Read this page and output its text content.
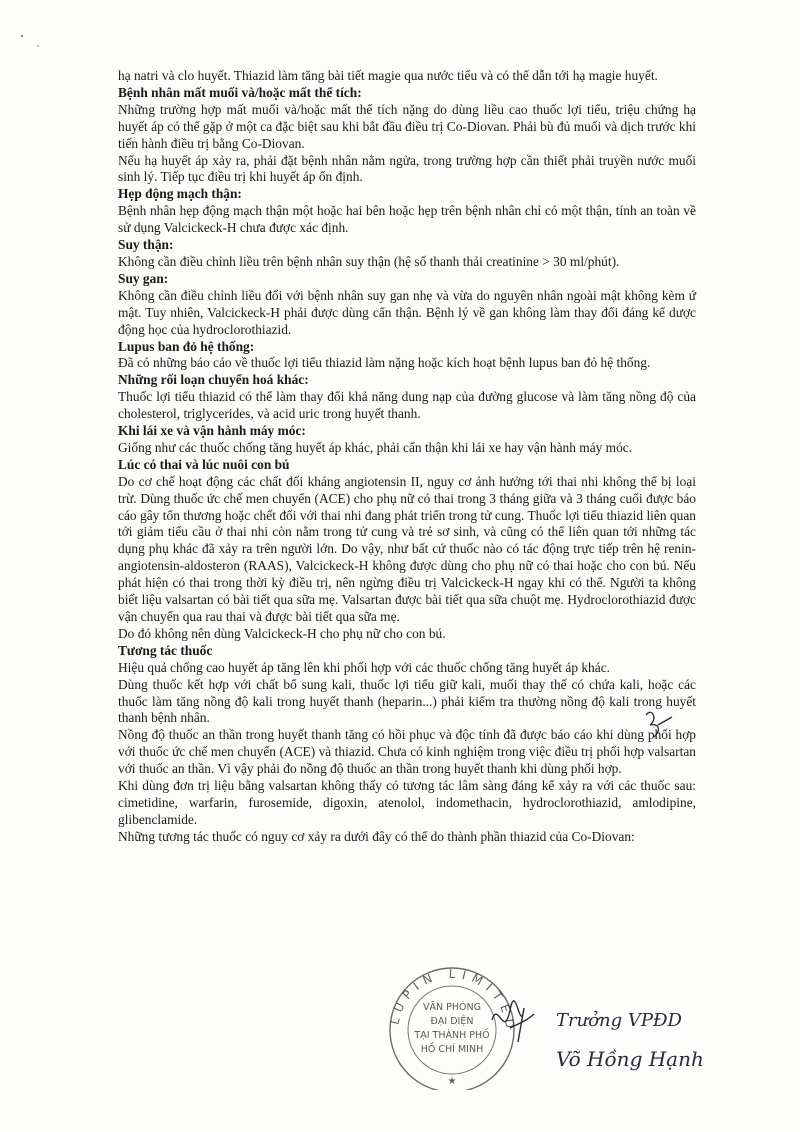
hạ natri và clo huyết. Thiazid làm tăng bài tiết magie qua nước tiểu và có thể dẫn tới hạ magie huyết.

Bệnh nhân mất muối và/hoặc mất thể tích:

Những trường hợp mất muối và/hoặc mất thể tích nặng do dùng liều cao thuốc lợi tiểu, triệu chứng hạ huyết áp có thể gặp ở một ca đặc biệt sau khi bắt đầu điều trị Co-Diovan. Phải bù đủ muối và dịch trước khi tiến hành điều trị bằng Co-Diovan.

Nếu hạ huyết áp xảy ra, phải đặt bệnh nhân nằm ngửa, trong trường hợp cần thiết phải truyền nước muối sinh lý. Tiếp tục điều trị khi huyết áp ổn định.

Hẹp động mạch thận:

Bệnh nhân hẹp động mạch thận một hoặc hai bên hoặc hẹp trên bệnh nhân chỉ có một thận, tính an toàn về sử dụng Valcickeck-H chưa được xác định.

Suy thận:

Không cần điều chỉnh liều trên bệnh nhân suy thận (hệ số thanh thải creatinine > 30 ml/phút).

Suy gan:

Không cần điều chỉnh liều đối với bệnh nhân suy gan nhẹ và vừa do nguyên nhân ngoài mật không kèm ứ mật. Tuy nhiên, Valcickeck-H phải được dùng cẩn thận. Bệnh lý về gan không làm thay đổi đáng kể dược động học của hydroclorothiazid.

Lupus ban đỏ hệ thống:

Đã có những báo cáo về thuốc lợi tiểu thiazid làm nặng hoặc kích hoạt bệnh lupus ban đỏ hệ thống.

Những rối loạn chuyển hoá khác:

Thuốc lợi tiểu thiazid có thể làm thay đổi khả năng dung nạp của đường glucose và làm tăng nồng độ của cholesterol, triglycerides, và acid uric trong huyết thanh.

Khi lái xe và vận hành máy móc:

Giống như các thuốc chống tăng huyết áp khác, phải cẩn thận khi lái xe hay vận hành máy móc.

Lúc có thai và lúc nuôi con bú

Do cơ chế hoạt động các chất đối kháng angiotensin II, nguy cơ ảnh hưởng tới thai nhi không thể bị loại trừ. Dùng thuốc ức chế men chuyển (ACE) cho phụ nữ có thai trong 3 tháng giữa và 3 tháng cuối được báo cáo gây tổn thương hoặc chết đối với thai nhi đang phát triển trong tử cung. Thuốc lợi tiểu thiazid liên quan tới giảm tiểu cầu ở thai nhi còn nằm trong tử cung và trẻ sơ sinh, và cũng có thể liên quan tới những tác dụng phụ khác đã xảy ra trên người lớn. Do vậy, như bất cứ thuốc nào có tác động trực tiếp trên hệ renin-angiotensin-aldosteron (RAAS), Valcickeck-H không được dùng cho phụ nữ có thai hoặc cho con bú. Nếu phát hiện có thai trong thời kỳ điều trị, nên ngừng điều trị Valcickeck-H ngay khi có thể. Người ta không biết liệu valsartan có bài tiết qua sữa mẹ. Valsartan được bài tiết qua sữa chuột mẹ. Hydroclorothiazid được vận chuyển qua rau thai và được bài tiết qua sữa mẹ.

Do đó không nên dùng Valcickeck-H cho phụ nữ cho con bú.

Tương tác thuốc

Hiệu quả chống cao huyết áp tăng lên khi phối hợp với các thuốc chống tăng huyết áp khác.

Dùng thuốc kết hợp với chất bổ sung kali, thuốc lợi tiểu giữ kali, muối thay thế có chứa kali, hoặc các thuốc làm tăng nồng độ kali trong huyết thanh (heparin...) phải kiểm tra thường nồng độ kali trong huyết thanh bệnh nhân.

Nồng độ thuốc an thần trong huyết thanh tăng có hồi phục và độc tính đã được báo cáo khi dùng phối hợp với thuốc ức chế men chuyển (ACE) và thiazid. Chưa có kinh nghiệm trong việc điều trị phối hợp valsartan với thuốc an thần. Vì vậy phải đo nồng độ thuốc an thần trong huyết thanh khi dùng phối hợp.

Khi dùng đơn trị liệu bằng valsartan không thấy có tương tác lâm sàng đáng kể xảy ra với các thuốc sau: cimetidine, warfarin, furosemide, digoxin, atenolol, indomethacin, hydroclorothiazid, amlodipine, glibenclamide.

Những tương tác thuốc có nguy cơ xảy ra dưới đây có thể do thành phần thiazid của Co-Diovan:

LUPIN LIMITED
VĂN PHÒNG
ĐẠI DIỆN
TẠI THÀNH PHỐ
HỒ CHÍ MINH
★
Trưởng VPĐD
Võ Hồng Hạnh
